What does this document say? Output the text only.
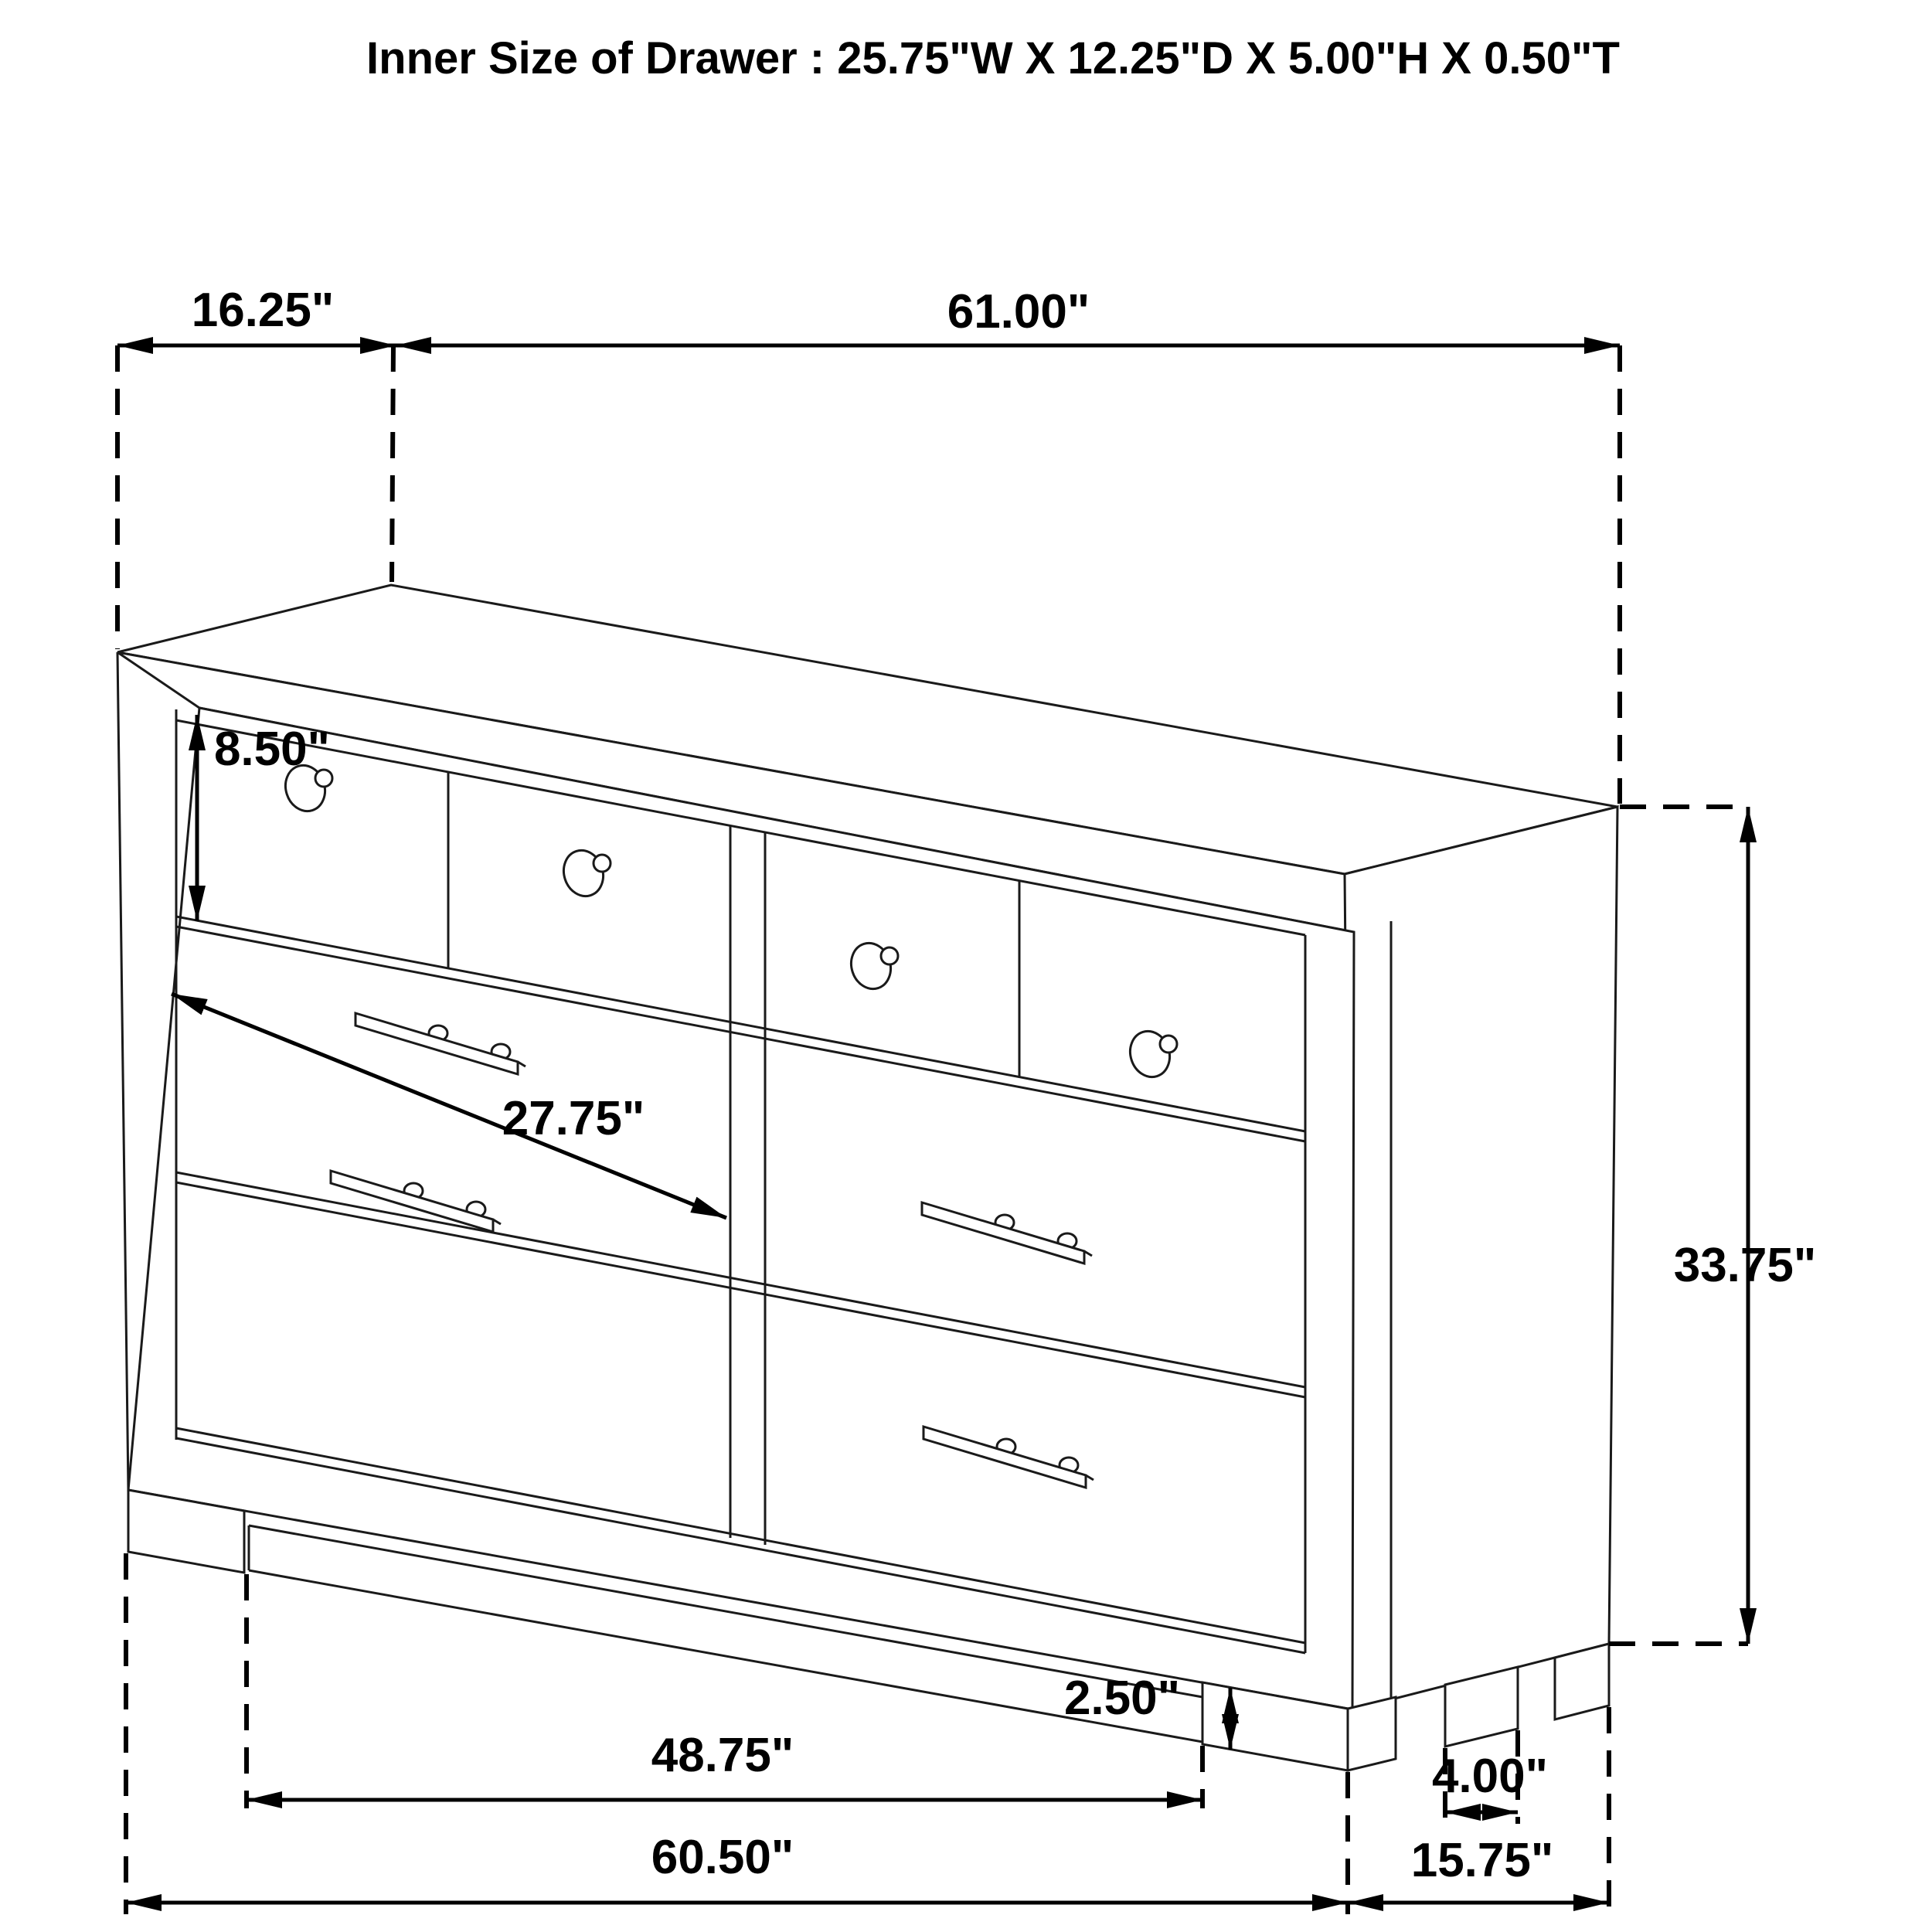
Inner Size of Drawer : 25.75"W X 12.25"D X 5.00"H X 0.50"T
16.25"	61.00"
8.50"
27.75"
33.75"
2.50"
48.75"	4.00"
60.50"	15.75"
